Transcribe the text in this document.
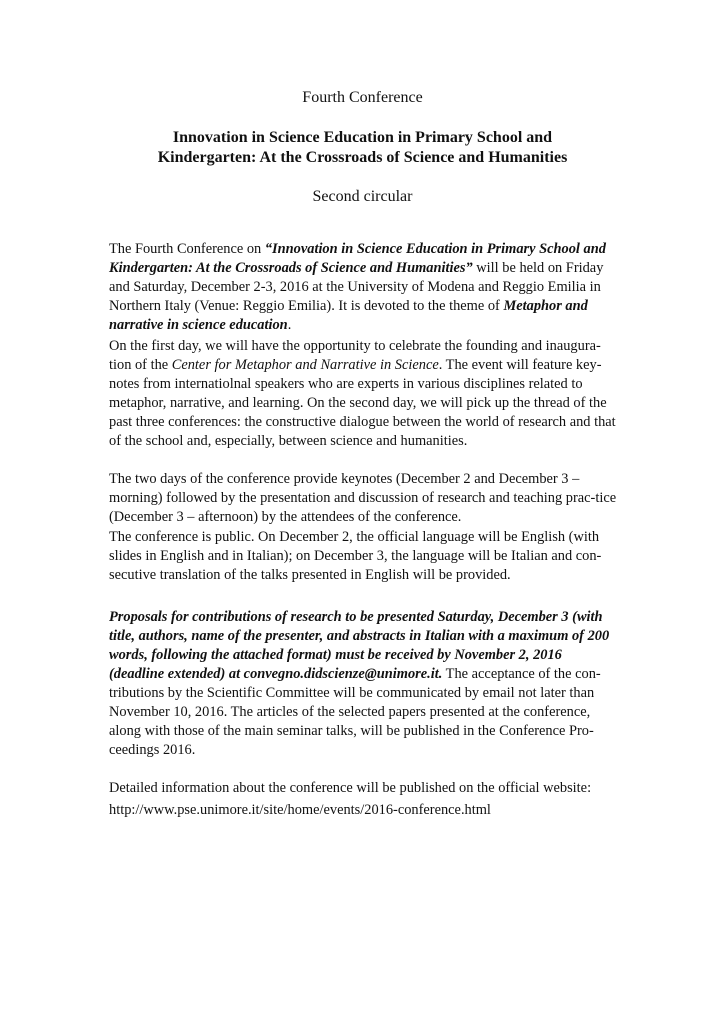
Fourth Conference
Innovation in Science Education in Primary School and
Kindergarten: At the Crossroads of Science and Humanities
Second circular

The Fourth Conference on “Innovation in Science Education in Primary School and Kindergarten: At the Crossroads of Science and Humanities” will be held on Friday and Saturday, December 2-3, 2016 at the University of Modena and Reggio Emilia in Northern Italy (Venue: Reggio Emilia). It is devoted to the theme of Metaphor and narrative in science education.

On the first day, we will have the opportunity to celebrate the founding and inaugura-tion of the Center for Metaphor and Narrative in Science. The event will feature key-notes from internatiolnal speakers who are experts in various disciplines related to metaphor, narrative, and learning. On the second day, we will pick up the thread of the past three conferences: the constructive dialogue between the world of research and that of the school and, especially, between science and humanities.

The two days of the conference provide keynotes (December 2 and December 3 – morning) followed by the presentation and discussion of research and teaching prac-tice (December 3 – afternoon) by the attendees of the conference.

The conference is public. On December 2, the official language will be English (with slides in English and in Italian); on December 3, the language will be Italian and con-secutive translation of the talks presented in English will be provided.

Proposals for contributions of research to be presented Saturday, December 3 (with title, authors, name of the presenter, and abstracts in Italian with a maximum of 200 words, following the attached format) must be received by November 2, 2016 (deadline extended) at convegno.didscienze@unimore.it. The acceptance of the con-tributions by the Scientific Committee will be communicated by email not later than November 10, 2016. The articles of the selected papers presented at the conference, along with those of the main seminar talks, will be published in the Conference Pro-ceedings 2016.

Detailed information about the conference will be published on the official website:

http://www.pse.unimore.it/site/home/events/2016-conference.html
